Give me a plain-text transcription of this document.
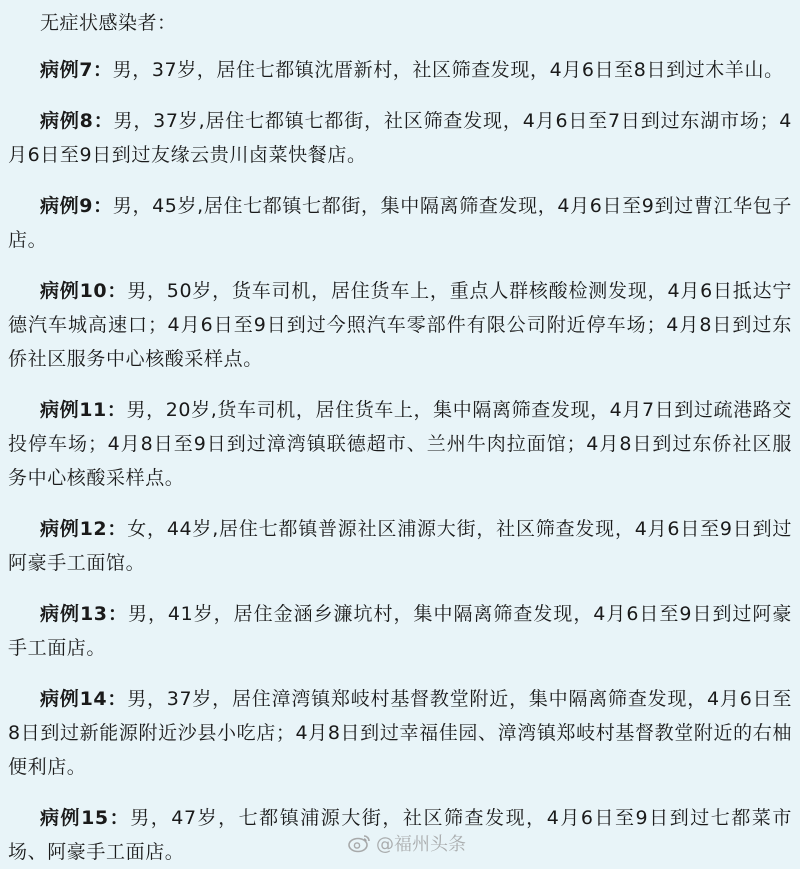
无症状感染者：

病例7：男，37岁，居住七都镇沈厝新村，社区筛查发现，4月6日至8日到过木羊山。

病例8：男，37岁,居住七都镇七都街，社区筛查发现，4月6日至7日到过东湖市场；4月6日至9日到过友缘云贵川卤菜快餐店。

病例9：男，45岁,居住七都镇七都街，集中隔离筛查发现，4月6日至9到过曹江华包子店。

病例10：男，50岁，货车司机，居住货车上，重点人群核酸检测发现，4月6日抵达宁德汽车城高速口；4月6日至9日到过今照汽车零部件有限公司附近停车场；4月8日到过东侨社区服务中心核酸采样点。

病例11：男，20岁,货车司机，居住货车上，集中隔离筛查发现，4月7日到过疏港路交投停车场；4月8日至9日到过漳湾镇联德超市、兰州牛肉拉面馆；4月8日到过东侨社区服务中心核酸采样点。

病例12：女，44岁,居住七都镇普源社区浦源大街，社区筛查发现，4月6日至9日到过阿豪手工面馆。

病例13：男，41岁，居住金涵乡濂坑村，集中隔离筛查发现，4月6日至9日到过阿豪手工面店。

病例14：男，37岁，居住漳湾镇郑岐村基督教堂附近，集中隔离筛查发现，4月6日至8日到过新能源附近沙县小吃店；4月8日到过幸福佳园、漳湾镇郑岐村基督教堂附近的右柚便利店。

病例15：男，47岁，七都镇浦源大街，社区筛查发现，4月6日至9日到过七都菜市场、阿豪手工面店。	@福州头条
